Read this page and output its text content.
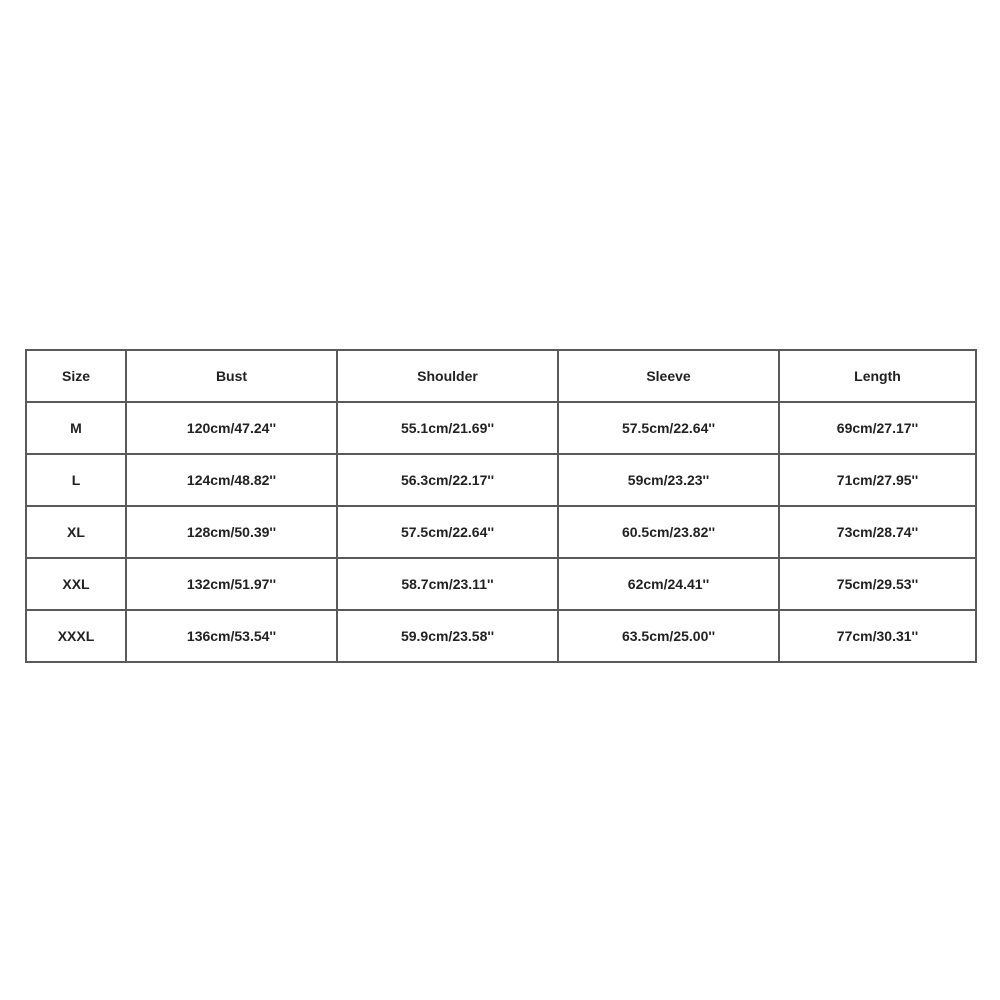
Size	Bust	Shoulder	Sleeve	Length
M	120cm/47.24''	55.1cm/21.69''	57.5cm/22.64''	69cm/27.17''
L	124cm/48.82''	56.3cm/22.17''	59cm/23.23''	71cm/27.95''
XL	128cm/50.39''	57.5cm/22.64''	60.5cm/23.82''	73cm/28.74''
XXL	132cm/51.97''	58.7cm/23.11''	62cm/24.41''	75cm/29.53''
XXXL	136cm/53.54''	59.9cm/23.58''	63.5cm/25.00''	77cm/30.31''
